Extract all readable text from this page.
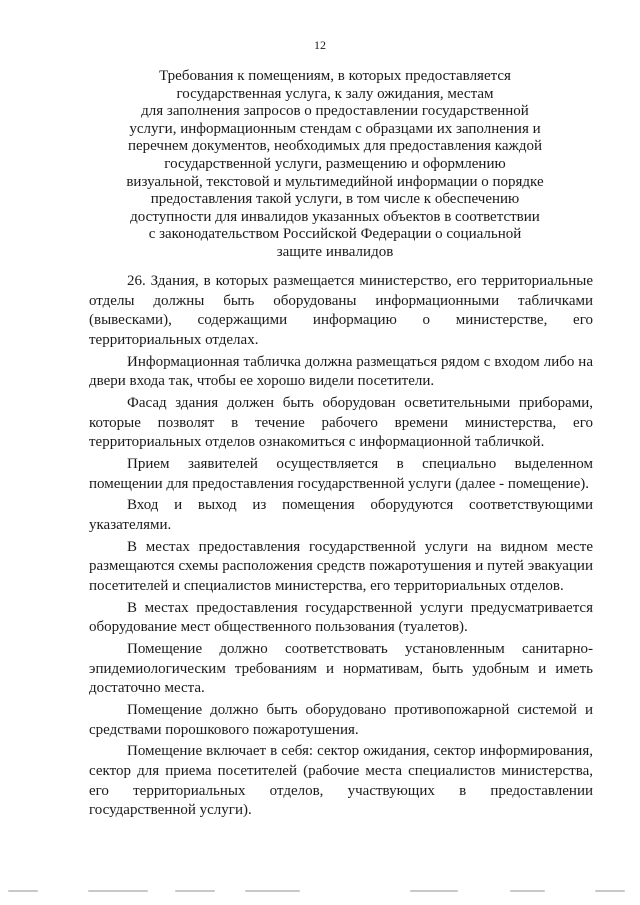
12
Требования к помещениям, в которых предоставляется
государственная услуга, к залу ожидания, местам
для заполнения запросов о предоставлении государственной
услуги, информационным стендам с образцами их заполнения и
перечнем документов, необходимых для предоставления каждой
государственной услуги, размещению и оформлению
визуальной, текстовой и мультимедийной информации о порядке
предоставления такой услуги, в том числе к обеспечению
доступности для инвалидов указанных объектов в соответствии
с законодательством Российской Федерации о социальной
защите инвалидов

26. Здания, в которых размещается министерство, его территориальные отделы должны быть оборудованы информационными табличками (вывесками), содержащими информацию о министерстве, его территориальных отделах.

Информационная табличка должна размещаться рядом с входом либо на двери входа так, чтобы ее хорошо видели посетители.

Фасад здания должен быть оборудован осветительными приборами, которые позволят в течение рабочего времени министерства, его территориальных отделов ознакомиться с информационной табличкой.

Прием заявителей осуществляется в специально выделенном помещении для предоставления государственной услуги (далее - помещение).

Вход и выход из помещения оборудуются соответствующими указателями.

В местах предоставления государственной услуги на видном месте размещаются схемы расположения средств пожаротушения и путей эвакуации посетителей и специалистов министерства, его территориальных отделов.

В местах предоставления государственной услуги предусматривается оборудование мест общественного пользования (туалетов).

Помещение должно соответствовать установленным санитарно-эпидемиологическим требованиям и нормативам, быть удобным и иметь достаточно места.

Помещение должно быть оборудовано противопожарной системой и средствами порошкового пожаротушения.

Помещение включает в себя: сектор ожидания, сектор информирования, сектор для приема посетителей (рабочие места специалистов министерства, его территориальных отделов, участвующих в предоставлении государственной услуги).
